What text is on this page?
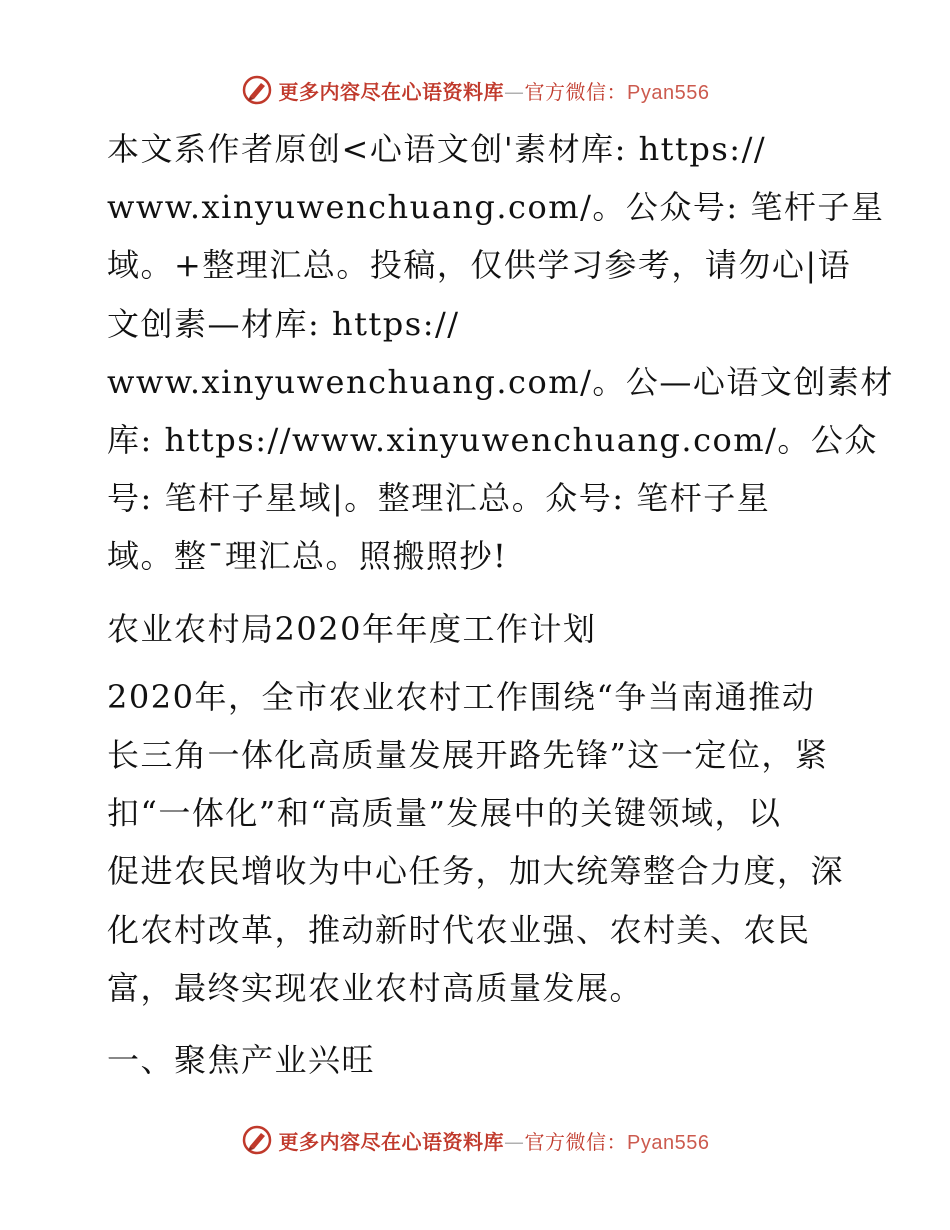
更多内容尽在心语资料库—官方微信：Pyan556

本文系作者原创<心语文创'素材库: https://
www.xinyuwenchuang.com/。公众号: 笔杆子星
域。+整理汇总。投稿，仅供学习参考，请勿心|语
文创素—材库: https://
www.xinyuwenchuang.com/。公—心语文创素材
库: https://www.xinyuwenchuang.com/。公众
号: 笔杆子星域|。整理汇总。众号: 笔杆子星
域。整¯理汇总。照搬照抄!

农业农村局2020年年度工作计划

2020年，全市农业农村工作围绕“争当南通推动
长三角一体化高质量发展开路先锋”这一定位，紧
扣“一体化”和“高质量”发展中的关键领域，以
促进农民增收为中心任务，加大统筹整合力度，深
化农村改革，推动新时代农业强、农村美、农民
富，最终实现农业农村高质量发展。

一、聚焦产业兴旺

更多内容尽在心语资料库—官方微信：Pyan556
